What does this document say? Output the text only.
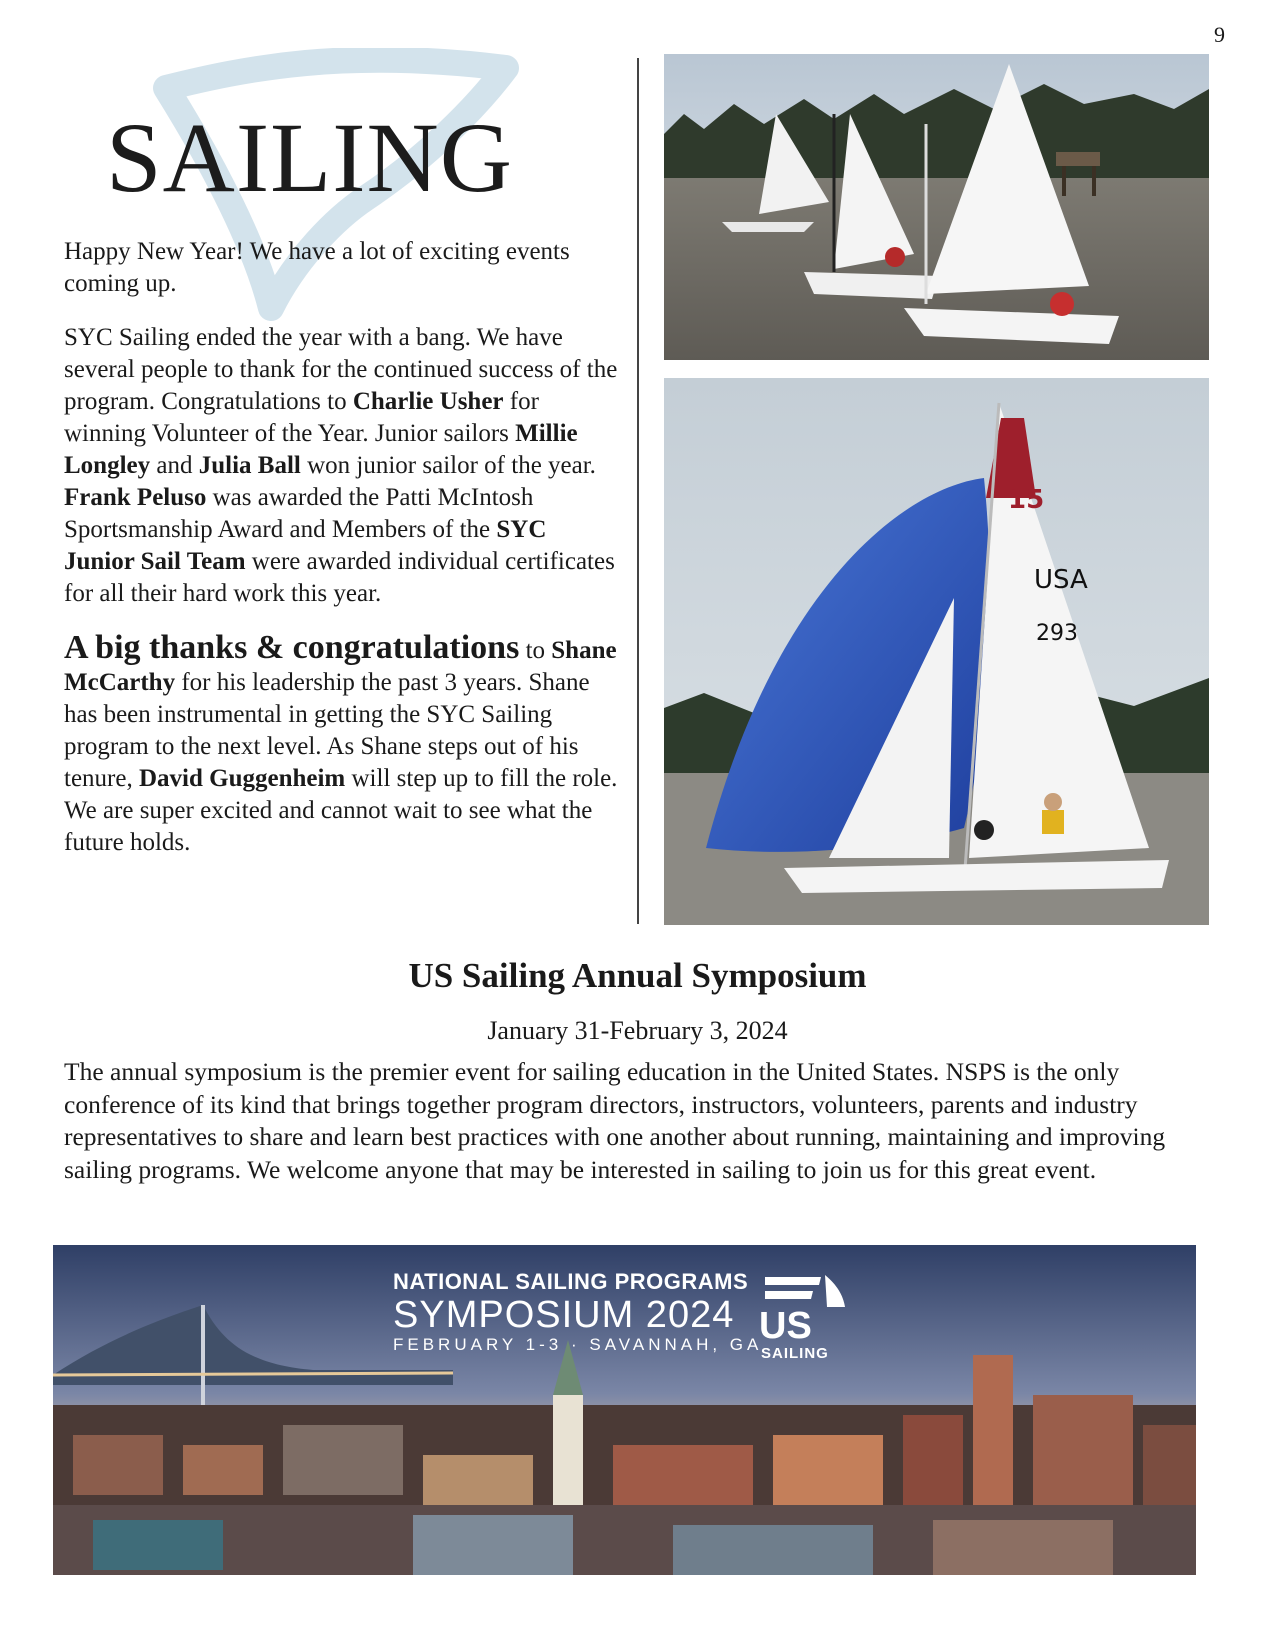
9
SAILING

Happy New Year! We have a lot of exciting events coming up.

SYC Sailing ended the year with a bang. We have several people to thank for the continued success of the program. Congratulations to Charlie Usher for winning Volunteer of the Year. Junior sailors Millie Longley and Julia Ball won junior sailor of the year. Frank Peluso was awarded the Patti McIntosh Sportsmanship Award and Members of the SYC Junior Sail Team were awarded individual certificates for all their hard work this year.

A big thanks & congratulations to Shane McCarthy for his leadership the past 3 years. Shane has been instrumental in getting the SYC Sailing program to the next level. As Shane steps out of his tenure, David Guggenheim will step up to fill the role. We are super excited and cannot wait to see what the future holds.

USA
293
15
US Sailing Annual Symposium
January 31-February 3, 2024

The annual symposium is the premier event for sailing education in the United States. NSPS is the only conference of its kind that brings together program directors, instructors, volunteers, parents and industry representatives to share and learn best practices with one another about running, maintaining and improving sailing programs. We welcome anyone that may be interested in sailing to join us for this great event.

NATIONAL SAILING PROGRAMS
SYMPOSIUM 2024
FEBRUARY 1-3 · SAVANNAH, GA
US
SAILING
